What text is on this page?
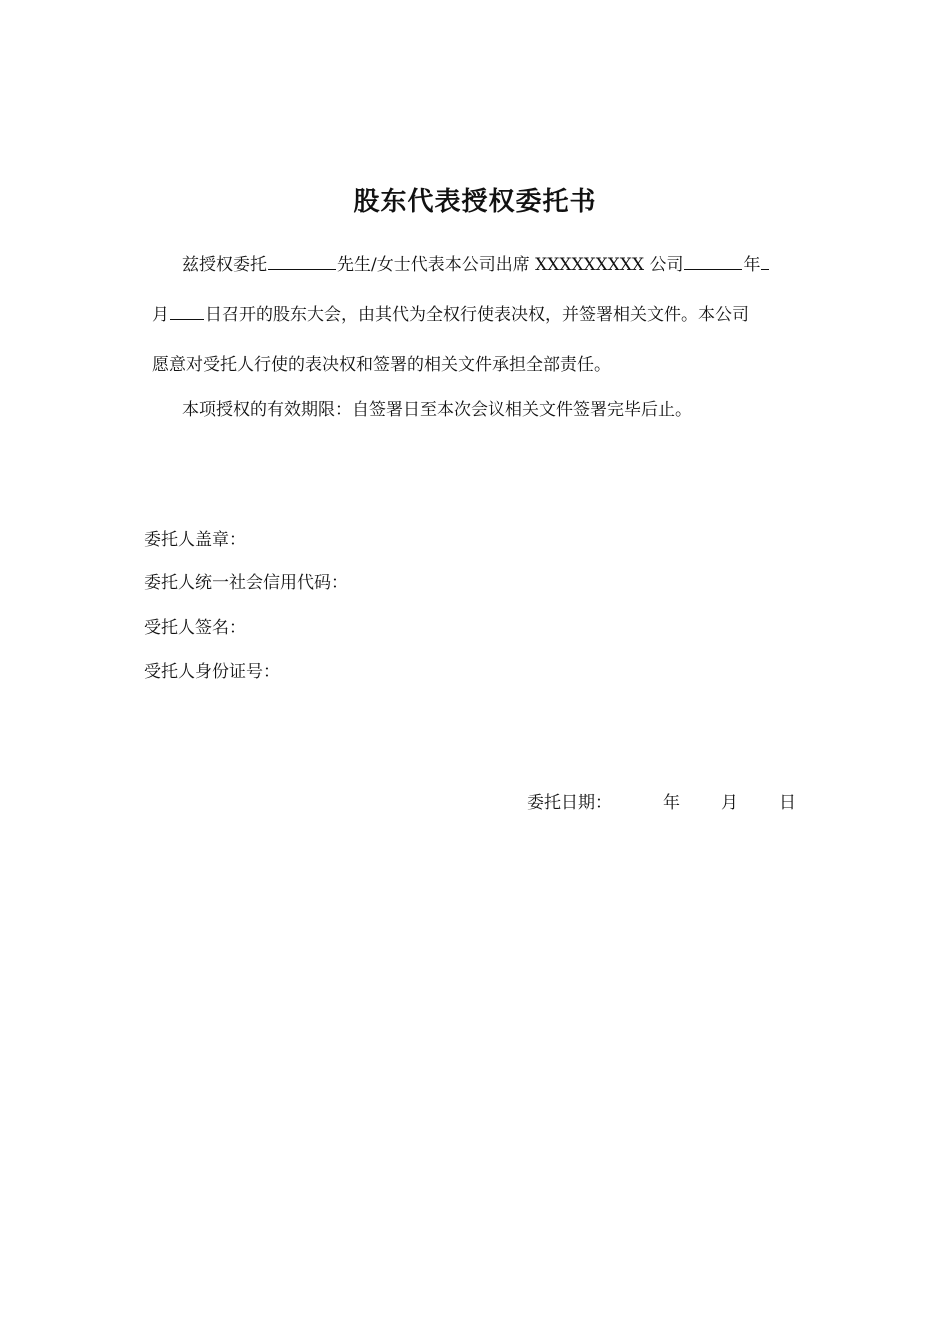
股东代表授权委托书
兹授权委托	先生/女士代表本公司出席 XXXXXXXXX 公司	年
月 日召开的股东大会，由其代为全权行使表决权，并签署相关文件。本公司
愿意对受托人行使的表决权和签署的相关文件承担全部责任。
本项授权的有效期限：自签署日至本次会议相关文件签署完毕后止。
委托人盖章：
委托人统一社会信用代码：
受托人签名：
受托人身份证号：
委托日期：	年 月 日
